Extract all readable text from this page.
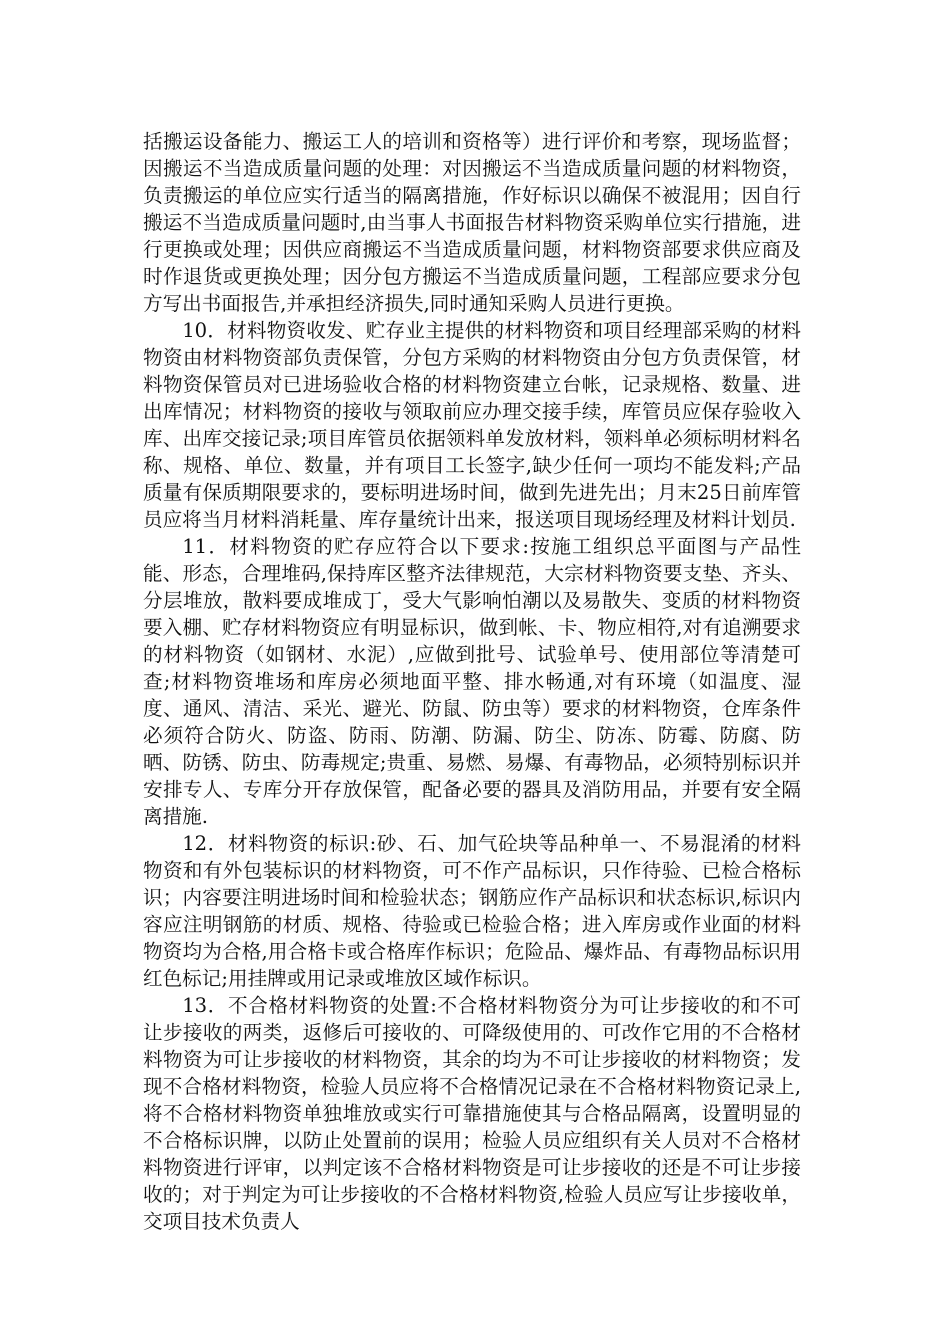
括搬运设备能力、搬运工人的培训和资格等）进行评价和考察，现场监督；因搬运不当造成质量问题的处理：对因搬运不当造成质量问题的材料物资，负责搬运的单位应实行适当的隔离措施，作好标识以确保不被混用；因自行搬运不当造成质量问题时,由当事人书面报告材料物资采购单位实行措施，进行更换或处理；因供应商搬运不当造成质量问题，材料物资部要求供应商及时作退货或更换处理；因分包方搬运不当造成质量问题，工程部应要求分包方写出书面报告,并承担经济损失,同时通知采购人员进行更换。

10．材料物资收发、贮存业主提供的材料物资和项目经理部采购的材料物资由材料物资部负责保管，分包方采购的材料物资由分包方负责保管，材料物资保管员对已进场验收合格的材料物资建立台帐，记录规格、数量、进出库情况；材料物资的接收与领取前应办理交接手续，库管员应保存验收入库、出库交接记录;项目库管员依据领料单发放材料，领料单必须标明材料名称、规格、单位、数量，并有项目工长签字,缺少任何一项均不能发料;产品质量有保质期限要求的，要标明进场时间，做到先进先出；月末25日前库管员应将当月材料消耗量、库存量统计出来，报送项目现场经理及材料计划员.

11．材料物资的贮存应符合以下要求:按施工组织总平面图与产品性能、形态，合理堆码,保持库区整齐法律规范，大宗材料物资要支垫、齐头、分层堆放，散料要成堆成丁，受大气影响怕潮以及易散失、变质的材料物资要入棚、贮存材料物资应有明显标识，做到帐、卡、物应相符,对有追溯要求的材料物资（如钢材、水泥）,应做到批号、试验单号、使用部位等清楚可查;材料物资堆场和库房必须地面平整、排水畅通,对有环境（如温度、湿度、通风、清洁、采光、避光、防鼠、防虫等）要求的材料物资，仓库条件必须符合防火、防盗、防雨、防潮、防漏、防尘、防冻、防霉、防腐、防晒、防锈、防虫、防毒规定;贵重、易燃、易爆、有毒物品，必须特别标识并安排专人、专库分开存放保管，配备必要的器具及消防用品，并要有安全隔离措施.

12．材料物资的标识:砂、石、加气砼块等品种单一、不易混淆的材料物资和有外包装标识的材料物资，可不作产品标识，只作待验、已检合格标识；内容要注明进场时间和检验状态；钢筋应作产品标识和状态标识,标识内容应注明钢筋的材质、规格、待验或已检验合格；进入库房或作业面的材料物资均为合格,用合格卡或合格库作标识；危险品、爆炸品、有毒物品标识用红色标记;用挂牌或用记录或堆放区域作标识。

13．不合格材料物资的处置:不合格材料物资分为可让步接收的和不可让步接收的两类，返修后可接收的、可降级使用的、可改作它用的不合格材料物资为可让步接收的材料物资，其余的均为不可让步接收的材料物资；发现不合格材料物资，检验人员应将不合格情况记录在不合格材料物资记录上,将不合格材料物资单独堆放或实行可靠措施使其与合格品隔离，设置明显的不合格标识牌，以防止处置前的误用；检验人员应组织有关人员对不合格材料物资进行评审，以判定该不合格材料物资是可让步接收的还是不可让步接收的；对于判定为可让步接收的不合格材料物资,检验人员应写让步接收单，交项目技术负责人
